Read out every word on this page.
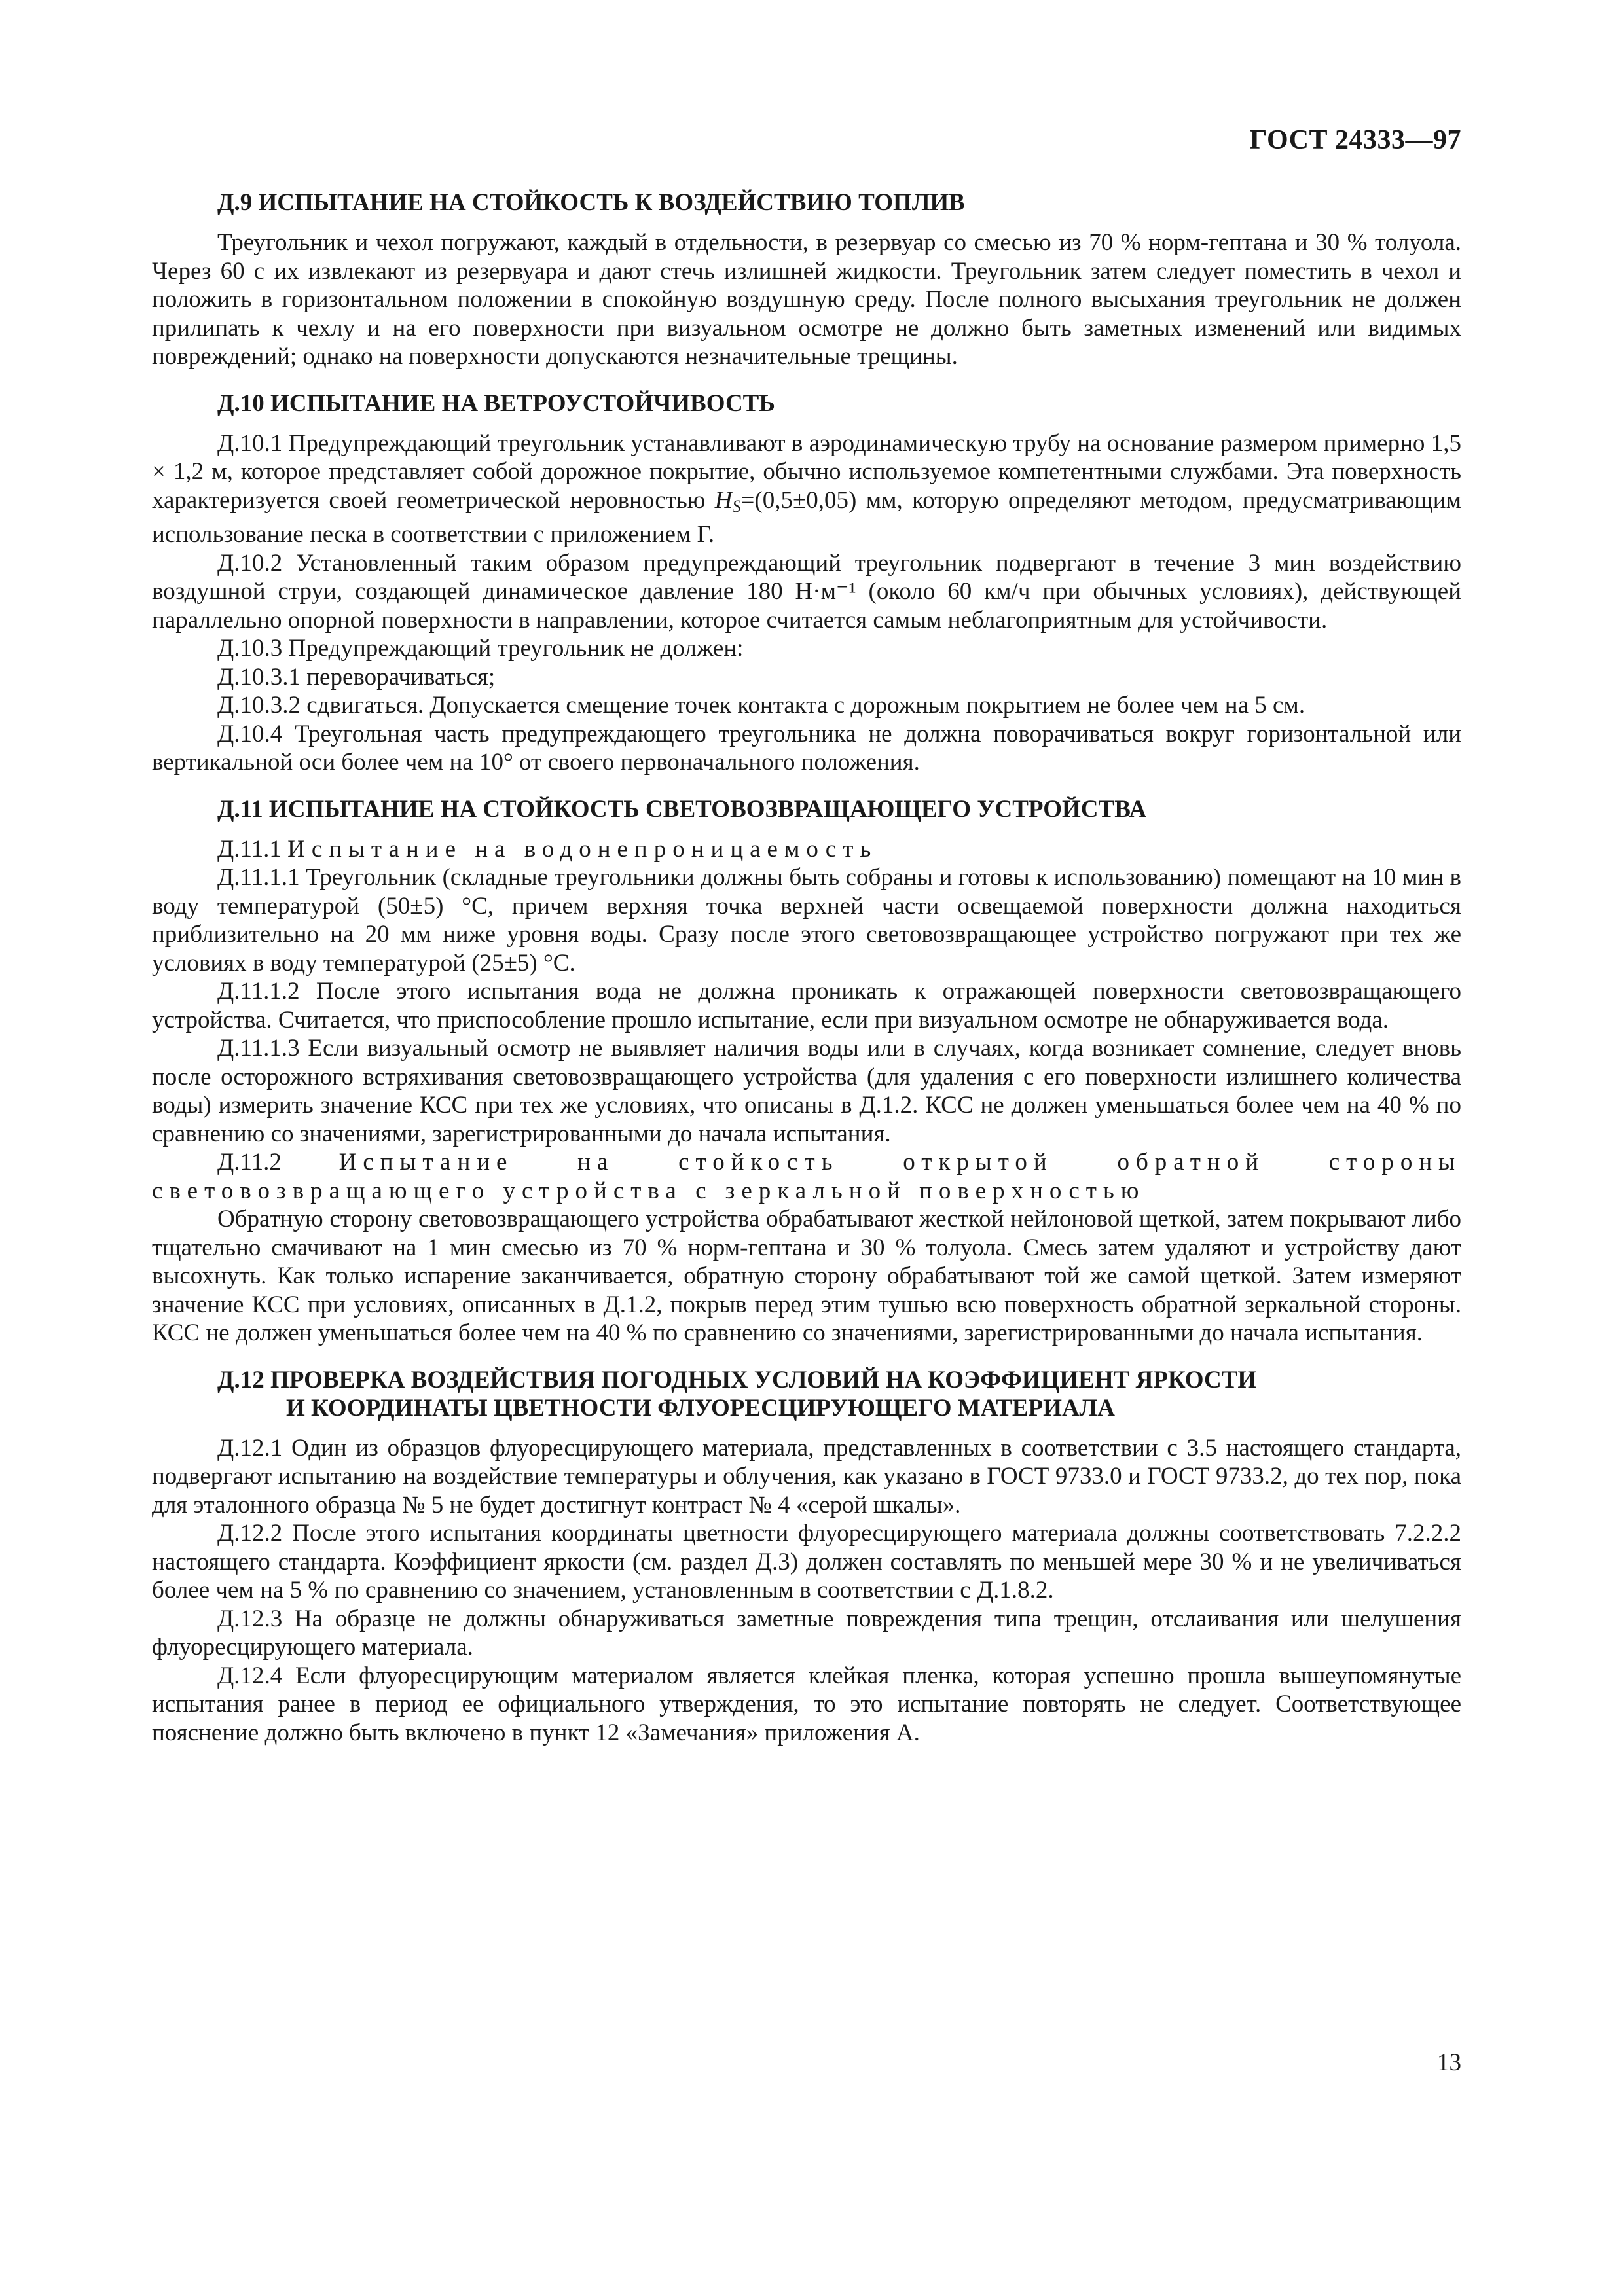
ГОСТ 24333—97
Д.9 ИСПЫТАНИЕ НА СТОЙКОСТЬ К ВОЗДЕЙСТВИЮ ТОПЛИВ

Треугольник и чехол погружают, каждый в отдельности, в резервуар со смесью из 70 % норм-гептана и 30 % толуола. Через 60 с их извлекают из резервуара и дают стечь излишней жидкости. Треугольник затем следует поместить в чехол и положить в горизонтальном положении в спокойную воздушную среду. После полного высыхания треугольник не должен прилипать к чехлу и на его поверхности при визуальном осмотре не должно быть заметных изменений или видимых повреждений; однако на поверхности допускаются незначительные трещины.

Д.10 ИСПЫТАНИЕ НА ВЕТРОУСТОЙЧИВОСТЬ

Д.10.1 Предупреждающий треугольник устанавливают в аэродинамическую трубу на основание размером примерно 1,5 × 1,2 м, которое представляет собой дорожное покрытие, обычно используемое компетентными службами. Эта поверхность характеризуется своей геометрической неровностью $H_S=(0,5\pm 0,05)$ мм, которую определяют методом, предусматривающим использование песка в соответствии с приложением Г.

Д.10.2 Установленный таким образом предупреждающий треугольник подвергают в течение 3 мин воздействию воздушной струи, создающей динамическое давление 180 Н·м⁻¹ (около 60 км/ч при обычных условиях), действующей параллельно опорной поверхности в направлении, которое считается самым неблагоприятным для устойчивости.

Д.10.3 Предупреждающий треугольник не должен:

Д.10.3.1 переворачиваться;

Д.10.3.2 сдвигаться. Допускается смещение точек контакта с дорожным покрытием не более чем на 5 см.

Д.10.4 Треугольная часть предупреждающего треугольника не должна поворачиваться вокруг горизонтальной или вертикальной оси более чем на 10° от своего первоначального положения.

Д.11 ИСПЫТАНИЕ НА СТОЙКОСТЬ СВЕТОВОЗВРАЩАЮЩЕГО УСТРОЙСТВА

Д.11.1 Испытание на водонепроницаемость

Д.11.1.1 Треугольник (складные треугольники должны быть собраны и готовы к использованию) помещают на 10 мин в воду температурой (50±5) °С, причем верхняя точка верхней части освещаемой поверхности должна находиться приблизительно на 20 мм ниже уровня воды. Сразу после этого световозвращающее устройство погружают при тех же условиях в воду температурой (25±5) °С.

Д.11.1.2 После этого испытания вода не должна проникать к отражающей поверхности световозвращающего устройства. Считается, что приспособление прошло испытание, если при визуальном осмотре не обнаруживается вода.

Д.11.1.3 Если визуальный осмотр не выявляет наличия воды или в случаях, когда возникает сомнение, следует вновь после осторожного встряхивания световозвращающего устройства (для удаления с его поверхности излишнего количества воды) измерить значение КСС при тех же условиях, что описаны в Д.1.2. КСС не должен уменьшаться более чем на 40 % по сравнению со значениями, зарегистрированными до начала испытания.

Д.11.2 Испытание на стойкость открытой обратной стороны световозвращающего устройства с зеркальной поверхностью

Обратную сторону световозвращающего устройства обрабатывают жесткой нейлоновой щеткой, затем покрывают либо тщательно смачивают на 1 мин смесью из 70 % норм-гептана и 30 % толуола. Смесь затем удаляют и устройству дают высохнуть. Как только испарение заканчивается, обратную сторону обрабатывают той же самой щеткой. Затем измеряют значение КСС при условиях, описанных в Д.1.2, покрыв перед этим тушью всю поверхность обратной зеркальной стороны. КСС не должен уменьшаться более чем на 40 % по сравнению со значениями, зарегистрированными до начала испытания.

Д.12 ПРОВЕРКА ВОЗДЕЙСТВИЯ ПОГОДНЫХ УСЛОВИЙ НА КОЭФФИЦИЕНТ ЯРКОСТИ
И КООРДИНАТЫ ЦВЕТНОСТИ ФЛУОРЕСЦИРУЮЩЕГО МАТЕРИАЛА

Д.12.1 Один из образцов флуоресцирующего материала, представленных в соответствии с 3.5 настоящего стандарта, подвергают испытанию на воздействие температуры и облучения, как указано в ГОСТ 9733.0 и ГОСТ 9733.2, до тех пор, пока для эталонного образца № 5 не будет достигнут контраст № 4 «серой шкалы».

Д.12.2 После этого испытания координаты цветности флуоресцирующего материала должны соответствовать 7.2.2.2 настоящего стандарта. Коэффициент яркости (см. раздел Д.3) должен составлять по меньшей мере 30 % и не увеличиваться более чем на 5 % по сравнению со значением, установленным в соответствии с Д.1.8.2.

Д.12.3 На образце не должны обнаруживаться заметные повреждения типа трещин, отслаивания или шелушения флуоресцирующего материала.

Д.12.4 Если флуоресцирующим материалом является клейкая пленка, которая успешно прошла вышеупомянутые испытания ранее в период ее официального утверждения, то это испытание повторять не следует. Соответствующее пояснение должно быть включено в пункт 12 «Замечания» приложения А.

13
